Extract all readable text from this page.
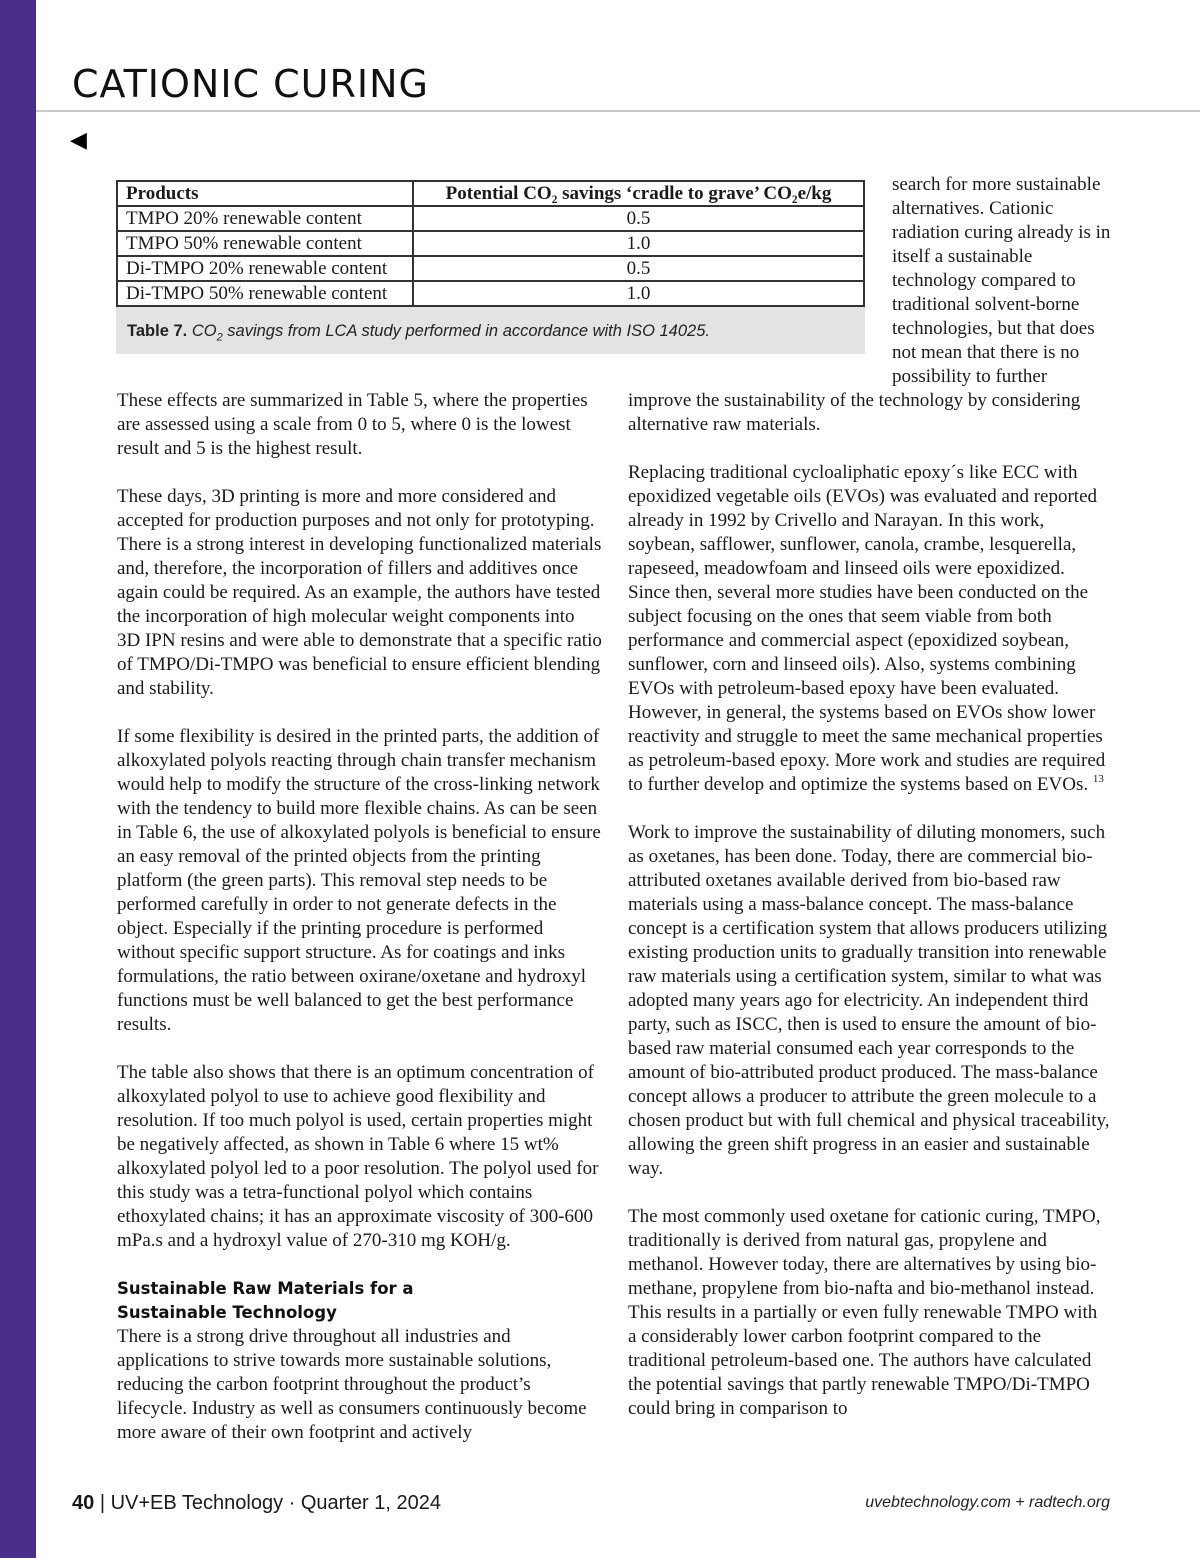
CATIONIC CURING
◀
Products	Potential CO₂ savings ‘cradle to grave’ CO₂e/kg
TMPO 20% renewable content	0.5
TMPO 50% renewable content	1.0
Di-TMPO 20% renewable content	0.5
Di-TMPO 50% renewable content	1.0
Table 7. $CO_2$ savings from LCA study performed in accordance with ISO 14025.

These effects are summarized in Table 5, where the properties are assessed using a scale from 0 to 5, where 0 is the lowest result and 5 is the highest result.

These days, 3D printing is more and more considered and accepted for production purposes and not only for prototyping. There is a strong interest in developing functionalized materials and, therefore, the incorporation of fillers and additives once again could be required. As an example, the authors have tested the incorporation of high molecular weight components into 3D IPN resins and were able to demonstrate that a specific ratio of TMPO/Di-TMPO was beneficial to ensure efficient blending and stability.

If some flexibility is desired in the printed parts, the addition of alkoxylated polyols reacting through chain transfer mechanism would help to modify the structure of the cross-linking network with the tendency to build more flexible chains. As can be seen in Table 6, the use of alkoxylated polyols is beneficial to ensure an easy removal of the printed objects from the printing platform (the green parts). This removal step needs to be performed carefully in order to not generate defects in the object. Especially if the printing procedure is performed without specific support structure. As for coatings and inks formulations, the ratio between oxirane/oxetane and hydroxyl functions must be well balanced to get the best performance results.

The table also shows that there is an optimum concentration of alkoxylated polyol to use to achieve good flexibility and resolution. If too much polyol is used, certain properties might be negatively affected, as shown in Table 6 where 15 wt% alkoxylated polyol led to a poor resolution. The polyol used for this study was a tetra-functional polyol which contains ethoxylated chains; it has an approximate viscosity of 300-600 mPa.s and a hydroxyl value of 270-310 mg KOH/g.

Sustainable Raw Materials for a Sustainable Technology

There is a strong drive throughout all industries and applications to strive towards more sustainable solutions, reducing the carbon footprint throughout the product’s lifecycle. Industry as well as consumers continuously become more aware of their own footprint and actively

search for more sustainable alternatives. Cationic radiation curing already is in itself a sustainable technology compared to traditional solvent-borne technologies, but that does not mean that there is no possibility to further

improve the sustainability of the technology by considering alternative raw materials.

Replacing traditional cycloaliphatic epoxy´s like ECC with epoxidized vegetable oils (EVOs) was evaluated and reported already in 1992 by Crivello and Narayan. In this work, soybean, safflower, sunflower, canola, crambe, lesquerella, rapeseed, meadowfoam and linseed oils were epoxidized. Since then, several more studies have been conducted on the subject focusing on the ones that seem viable from both performance and commercial aspect (epoxidized soybean, sunflower, corn and linseed oils). Also, systems combining EVOs with petroleum-based epoxy have been evaluated. However, in general, the systems based on EVOs show lower reactivity and struggle to meet the same mechanical properties as petroleum-based epoxy. More work and studies are required to further develop and optimize the systems based on EVOs. $^{13}$

Work to improve the sustainability of diluting monomers, such as oxetanes, has been done. Today, there are commercial bio-attributed oxetanes available derived from bio-based raw materials using a mass-balance concept. The mass-balance concept is a certification system that allows producers utilizing existing production units to gradually transition into renewable raw materials using a certification system, similar to what was adopted many years ago for electricity. An independent third party, such as ISCC, then is used to ensure the amount of bio-based raw material consumed each year corresponds to the amount of bio-attributed product produced. The mass-balance concept allows a producer to attribute the green molecule to a chosen product but with full chemical and physical traceability, allowing the green shift progress in an easier and sustainable way.

The most commonly used oxetane for cationic curing, TMPO, traditionally is derived from natural gas, propylene and methanol. However today, there are alternatives by using bio-methane, propylene from bio-nafta and bio-methanol instead. This results in a partially or even fully renewable TMPO with a considerably lower carbon footprint compared to the traditional petroleum-based one. The authors have calculated the potential savings that partly renewable TMPO/Di-TMPO could bring in comparison to

40 | UV+EB Technology · Quarter 1, 2024	uvebtechnology.com + radtech.org
